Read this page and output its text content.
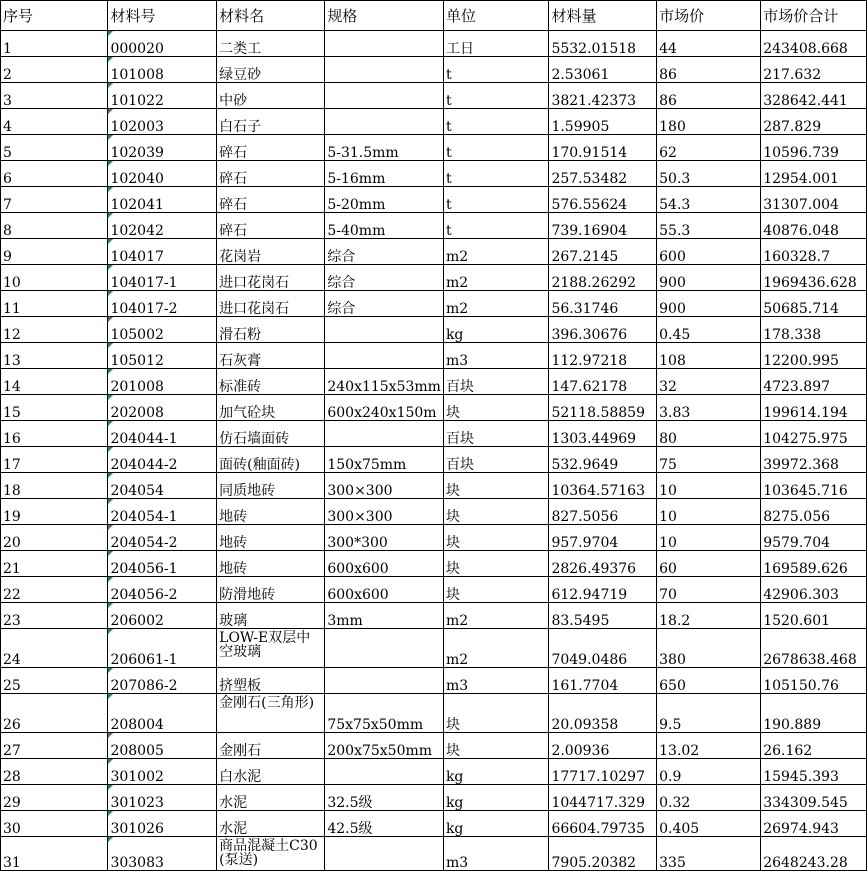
序号	材料号	材料名	规格	单位	材料量	市场价	市场价合计
1	000020	二类工		工日	5532.01518	44	243408.668
2	101008	绿豆砂		t	2.53061	86	217.632
3	101022	中砂		t	3821.42373	86	328642.441
4	102003	白石子		t	1.59905	180	287.829
5	102039	碎石	5-31.5mm	t	170.91514	62	10596.739
6	102040	碎石	5-16mm	t	257.53482	50.3	12954.001
7	102041	碎石	5-20mm	t	576.55624	54.3	31307.004
8	102042	碎石	5-40mm	t	739.16904	55.3	40876.048
9	104017	花岗岩	综合	m2	267.2145	600	160328.7
10	104017-1	进口花岗石	综合	m2	2188.26292	900	1969436.628
11	104017-2	进口花岗石	综合	m2	56.31746	900	50685.714
12	105002	滑石粉		kg	396.30676	0.45	178.338
13	105012	石灰膏		m3	112.97218	108	12200.995
14	201008	标准砖	240x115x53mm	百块	147.62178	32	4723.897
15	202008	加气砼块	600x240x150m	块	52118.58859	3.83	199614.194
16	204044-1	仿石墙面砖		百块	1303.44969	80	104275.975
17	204044-2	面砖(釉面砖)	150x75mm	百块	532.9649	75	39972.368
18	204054	同质地砖	300×300	块	10364.57163	10	103645.716
19	204054-1	地砖	300×300	块	827.5056	10	8275.056
20	204054-2	地砖	300*300	块	957.9704	10	9579.704
21	204056-1	地砖	600x600	块	2826.49376	60	169589.626
22	204056-2	防滑地砖	600x600	块	612.94719	70	42906.303
23	206002	玻璃	3mm	m2	83.5495	18.2	1520.601
24	206061-1	LOW-E双层中空玻璃		m2	7049.0486	380	2678638.468
25	207086-2	挤塑板		m3	161.7704	650	105150.76
26	208004	金刚石(三角形)	75x75x50mm	块	20.09358	9.5	190.889
27	208005	金刚石	200x75x50mm	块	2.00936	13.02	26.162
28	301002	白水泥		kg	17717.10297	0.9	15945.393
29	301023	水泥	32.5级	kg	1044717.329	0.32	334309.545
30	301026	水泥	42.5级	kg	66604.79735	0.405	26974.943
31	303083	商品混凝土C30(泵送)		m3	7905.20382	335	2648243.28
